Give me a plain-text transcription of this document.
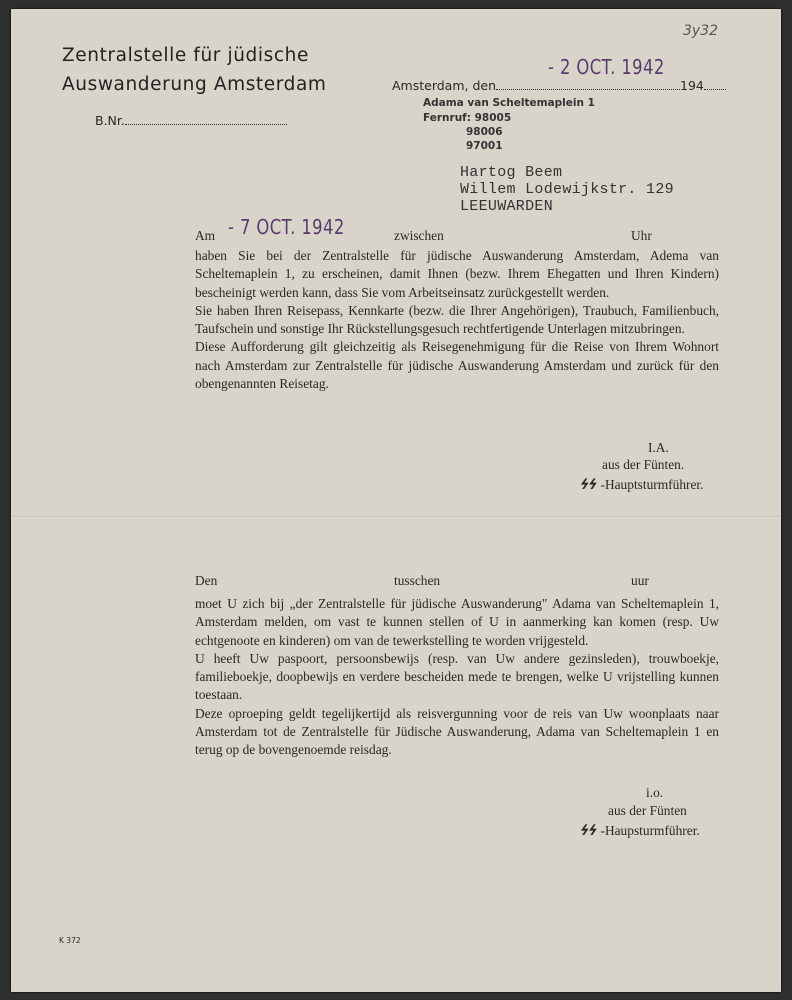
Zentralstelle für jüdische
Auswanderung Amsterdam
B.Nr.
3y32
Amsterdam, den	194
- 2 OCT. 1942
Adama van Scheltemaplein 1
Fernruf: 98005
98006
97001
Hartog Beem
Willem Lodewijkstr. 129
LEEUWARDEN
Am - 7 OCT. 1942	zwischen	Uhr

haben Sie bei der Zentralstelle für jüdische Auswanderung Amsterdam, Adema van Scheltemaplein 1, zu erscheinen, damit Ihnen (bezw. Ihrem Ehegatten und Ihren Kindern) bescheinigt werden kann, dass Sie vom Arbeitseinsatz zurückgestellt werden.

Sie haben Ihren Reisepass, Kennkarte (bezw. die Ihrer Angehörigen), Traubuch, Familienbuch, Taufschein und sonstige Ihr Rückstellungsgesuch rechtfertigende Unterlagen mitzubringen.

Diese Aufforderung gilt gleichzeitig als Reisegenehmigung für die Reise von Ihrem Wohnort nach Amsterdam zur Zentralstelle für jüdische Auswanderung Amsterdam und zurück für den obengenannten Reisetag.

I.A.
aus der Fünten.
ϟϟ -Hauptsturmführer.
Den	tusschen	uur

moet U zich bij „der Zentralstelle für jüdische Auswanderung" Adama van Scheltemaplein 1, Amsterdam melden, om vast te kunnen stellen of U in aanmerking kan komen (resp. Uw echtgenoote en kinderen) om van de tewerkstelling te worden vrijgesteld.

U heeft Uw paspoort, persoonsbewijs (resp. van Uw andere gezinsleden), trouwboekje, familieboekje, doopbewijs en verdere bescheiden mede te brengen, welke U vrijstelling kunnen toestaan.

Deze oproeping geldt tegelijkertijd als reisvergunning voor de reis van Uw woonplaats naar Amsterdam tot de Zentralstelle für Jüdische Auswanderung, Adama van Scheltemaplein 1 en terug op de bovengenoemde reisdag.

i.o.
aus der Fünten
ϟϟ -Haupsturmführer.
K 372
